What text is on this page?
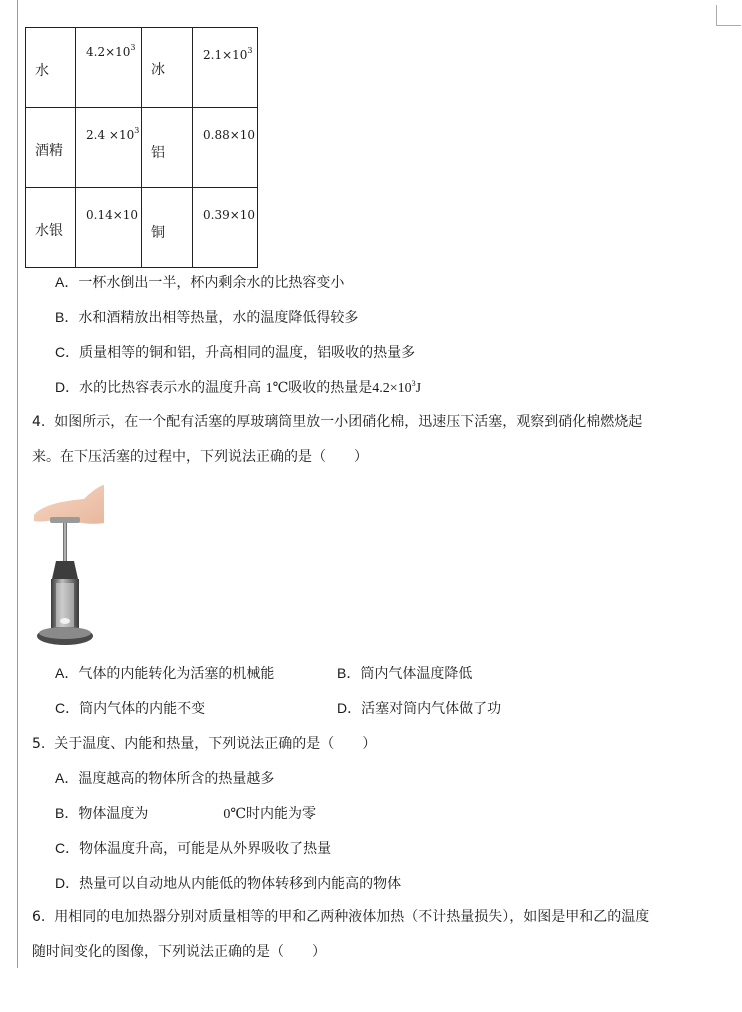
水	$4.2\times 10^3$	冰	$2.1\times 10^3$

酒精	$2.4 \times 10^3$	铝	0.88×10

水银	0.14×10	铜	0.39×10
A．一杯水倒出一半，杯内剩余水的比热容变小
B．水和酒精放出相等热量，水的温度降低得较多
C．质量相等的铜和铝，升高相同的温度，铝吸收的热量多
D．水的比热容表示水的温度升高 1℃吸收的热量是$4.2\times 10^3J$
4. 如图所示，在一个配有活塞的厚玻璃筒里放一小团硝化棉，迅速压下活塞，观察到硝化棉燃烧起
来。在下压活塞的过程中，下列说法正确的是（　　）
A．气体的内能转化为活塞的机械能	B．筒内气体温度降低
C．筒内气体的内能不变	D．活塞对筒内气体做了功
5. 关于温度、内能和热量，下列说法正确的是（　　）
A．温度越高的物体所含的热量越多
B．物体温度为	0℃时内能为零
C．物体温度升高，可能是从外界吸收了热量
D．热量可以自动地从内能低的物体转移到内能高的物体
6. 用相同的电加热器分别对质量相等的甲和乙两种液体加热（不计热量损失），如图是甲和乙的温度
随时间变化的图像，下列说法正确的是（　　）
